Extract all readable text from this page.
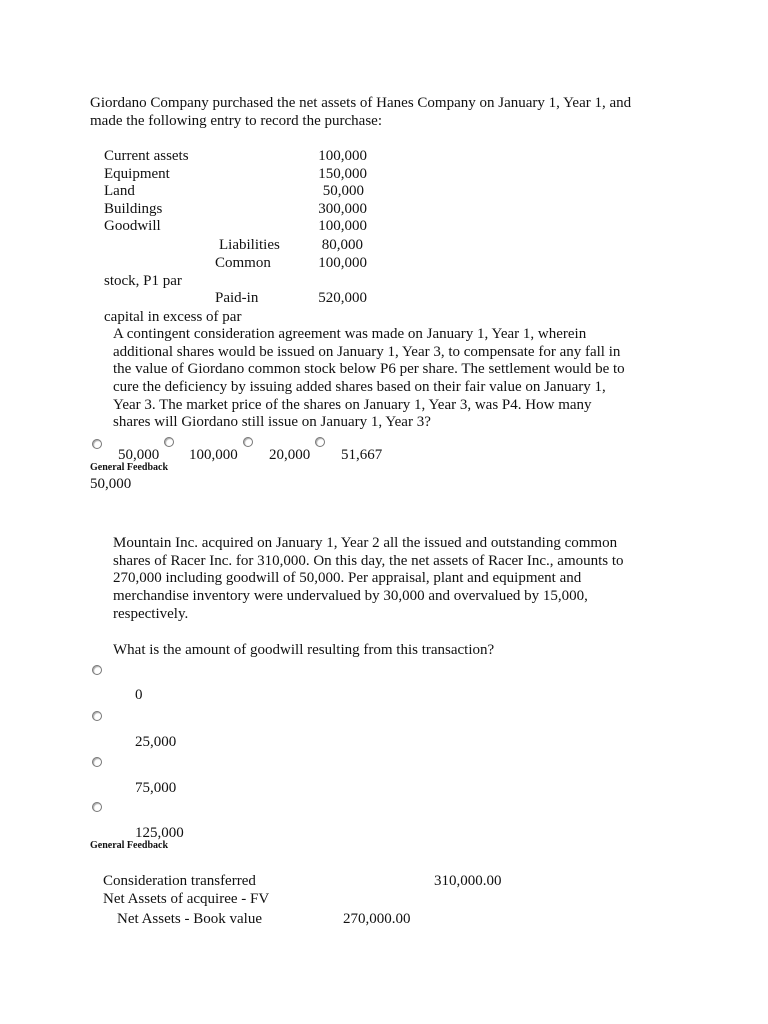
Giordano Company purchased the net assets of Hanes Company on January 1, Year 1, and
made the following entry to record the purchase:
Current assets	100,000
Equipment	150,000
Land	50,000
Buildings	300,000
Goodwill	100,000
Liabilities	80,000
Common	100,000
stock, P1 par
Paid-in	520,000
capital in excess of par
A contingent consideration agreement was made on January 1, Year 1, wherein
additional shares would be issued on January 1, Year 3, to compensate for any fall in
the value of Giordano common stock below P6 per share. The settlement would be to
cure the deficiency by issuing added shares based on their fair value on January 1,
Year 3. The market price of the shares on January 1, Year 3, was P4. How many
shares will Giordano still issue on January 1, Year 3?
50,000 100,000 20,000 51,667
General Feedback
50,000
Mountain Inc. acquired on January 1, Year 2 all the issued and outstanding common
shares of Racer Inc. for 310,000. On this day, the net assets of Racer Inc., amounts to
270,000 including goodwill of 50,000. Per appraisal, plant and equipment and
merchandise inventory were undervalued by 30,000 and overvalued by 15,000,
respectively.
What is the amount of goodwill resulting from this transaction?
0
25,000
75,000
125,000
General Feedback
Consideration transferred	310,000.00
Net Assets of acquiree - FV
Net Assets - Book value	270,000.00
